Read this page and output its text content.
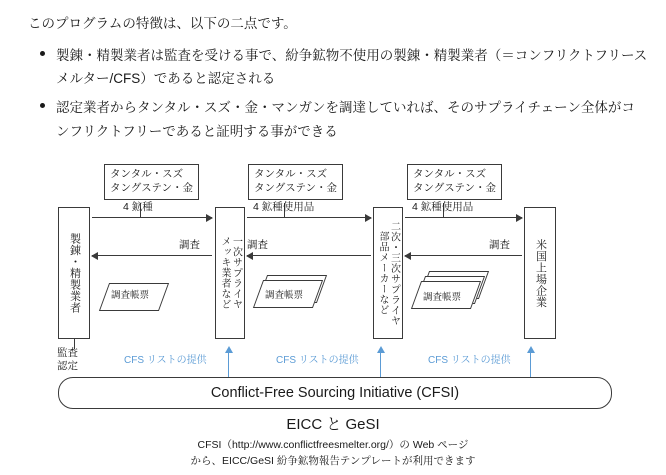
このプログラムの特徴は、以下の二点です。
製錬・精製業者は監査を受ける事で、紛争鉱物不使用の製錬・精製業者（＝コンフリクトフリースメルター/CFS）であると認定される
認定業者からタンタル・スズ・金・マンガンを調達していれば、そのサプライチェーン全体がコンフリクトフリーであると証明する事ができる
タンタル・スズ
タングステン・金
タンタル・スズ
タングステン・金
タンタル・スズ
タングステン・金
製錬・精製業者	一次サプライヤ
メッキ業者など	二次・三次サプライヤ
部品メーカーなど	米国上場企業
4 鉱種	4 鉱種使用品	4 鉱種使用品
調査	調査	調査
調査帳票	調査帳票	調査帳票
監査
認定	CFS リストの提供	CFS リストの提供	CFS リストの提供
Conflict-Free Sourcing Initiative (CFSI)
EICC と GeSI
CFSI（http://www.conflictfreesmelter.org/）の Web ページ
から、EICC/GeSI 紛争鉱物報告テンプレートが利用できます
